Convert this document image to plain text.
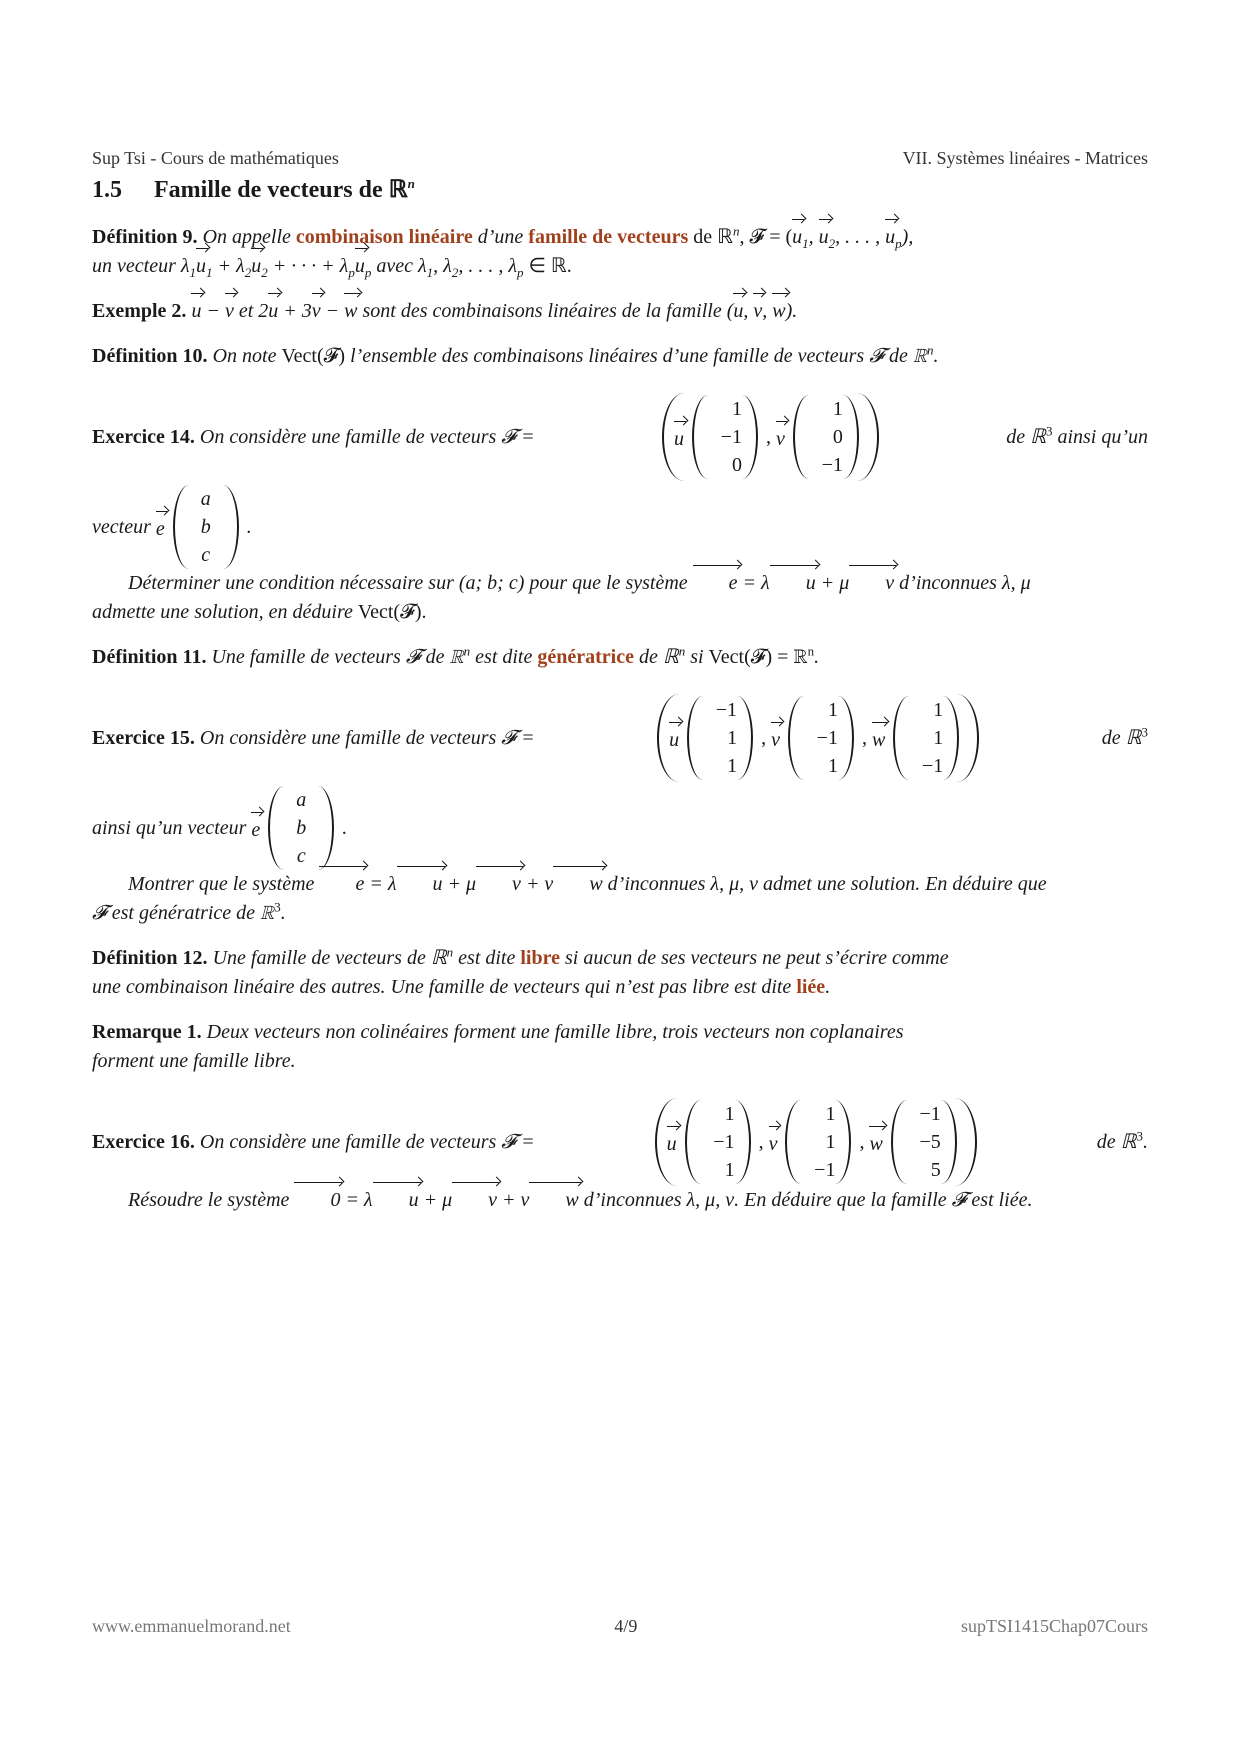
Sup Tsi - Cours de mathématiques	VII. Systèmes linéaires - Matrices
1.5 Famille de vecteurs de ℝ$^n$
Définition 9. On appelle combinaison linéaire d’une famille de vecteurs de ℝ$^n$, 𝓕 = ($u_1$, $u_2$, . . . , $u_p$),
un vecteur $\lambda_1u_1 + \lambda_2u_2$ + · · · + $\lambda_pu_p$ avec $\lambda_1$, $\lambda_2$, . . . , $\lambda_p$ ∈ ℝ.
Exemple 2. u − v et 2u + 3v − w sont des combinaisons linéaires de la famille (u, v, w).
Définition 10. On note Vect(𝓕) l’ensemble des combinaisons linéaires d’une famille de vecteurs 𝓕 de ℝ$^n$.
Exercice 14. On considère une famille de vecteurs 𝓕 =	u
1
−1
0
, v
1
0
−1
de ℝ$^3$ ainsi qu’un
vecteur
e
a
b
c
.
Déterminer une condition nécessaire sur (a; b; c) pour que le système e = λ u + μ v d’inconnues λ, μ
admette une solution, en déduire Vect(𝓕).
Définition 11. Une famille de vecteurs 𝓕 de ℝ$^n$ est dite génératrice de ℝ$^n$ si Vect(𝓕) = ℝ$^n$.
Exercice 15. On considère une famille de vecteurs 𝓕 =	u
−1
1
1
, v
1
−1
1
, w
1
1
−1
de ℝ$^3$
ainsi qu’un vecteur
e
a
b
c
.
Montrer que le système e = λ u + μ v + ν w d’inconnues λ, μ, ν admet une solution. En déduire que
𝓕 est génératrice de ℝ$^3$.
Définition 12. Une famille de vecteurs de ℝ$^n$ est dite libre si aucun de ses vecteurs ne peut s’écrire comme
une combinaison linéaire des autres. Une famille de vecteurs qui n’est pas libre est dite liée.
Remarque 1. Deux vecteurs non colinéaires forment une famille libre, trois vecteurs non coplanaires
forment une famille libre.
Exercice 16. On considère une famille de vecteurs 𝓕 =	u
1
−1
1
, v
1
1
−1
, w
−1
−5
5
de ℝ$^3$.
Résoudre le système 0 = λ u + μ v + ν w d’inconnues λ, μ, ν. En déduire que la famille 𝓕 est liée.
www.emmanuelmorand.net	4/9	supTSI1415Chap07Cours
